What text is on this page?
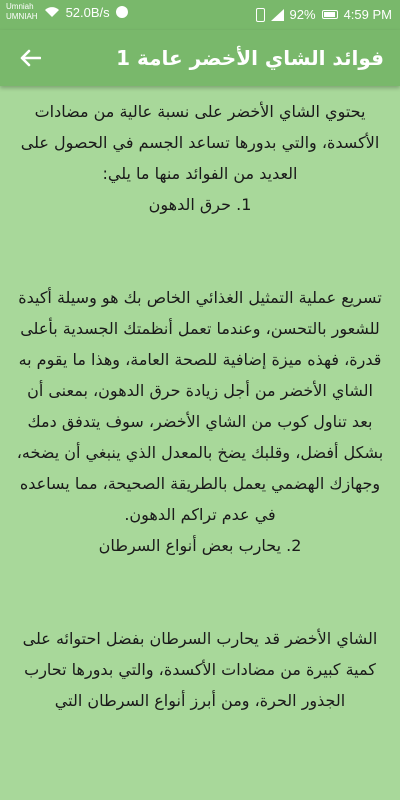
Umniah
UMNIAH 52.0B/s	92% 4:59 PM
فوائد الشاي الأخضر عامة 1

يحتوي الشاي الأخضر على نسبة عالية من مضادات الأكسدة، والتي بدورها تساعد الجسم في الحصول على العديد من الفوائد منها ما يلي:

1. حرق الدهون

تسريع عملية التمثيل الغذائي الخاص بك هو وسيلة أكيدة للشعور بالتحسن، وعندما تعمل أنظمتك الجسدية بأعلى قدرة، فهذه ميزة إضافية للصحة العامة، وهذا ما يقوم به الشاي الأخضر من أجل زيادة حرق الدهون، بمعنى أن بعد تناول كوب من الشاي الأخضر، سوف يتدفق دمك بشكل أفضل، وقلبك يضخ بالمعدل الذي ينبغي أن يضخه، وجهازك الهضمي يعمل بالطريقة الصحيحة، مما يساعده في عدم تراكم الدهون.

2. يحارب بعض أنواع السرطان

الشاي الأخضر قد يحارب السرطان بفضل احتوائه على كمية كبيرة من مضادات الأكسدة، والتي بدورها تحارب الجذور الحرة، ومن أبرز أنواع السرطان التي
